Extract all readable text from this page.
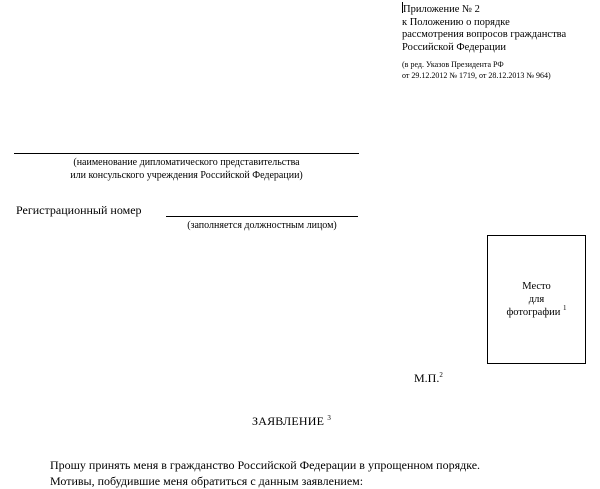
Приложение № 2
к Положению о порядке
рассмотрения вопросов гражданства
Российской Федерации
(в ред. Указов Президента РФ
от 29.12.2012 № 1719, от 28.12.2013 № 964)
(наименование дипломатического представительства
или консульского учреждения Российской Федерации)
Регистрационный номер
(заполняется должностным лицом)
Место
для
фотографии $^1$
М.П.$^2$
ЗАЯВЛЕНИЕ $^3$
Прошу принять меня в гражданство Российской Федерации в упрощенном порядке.
Мотивы, побудившие меня обратиться с данным заявлением:
